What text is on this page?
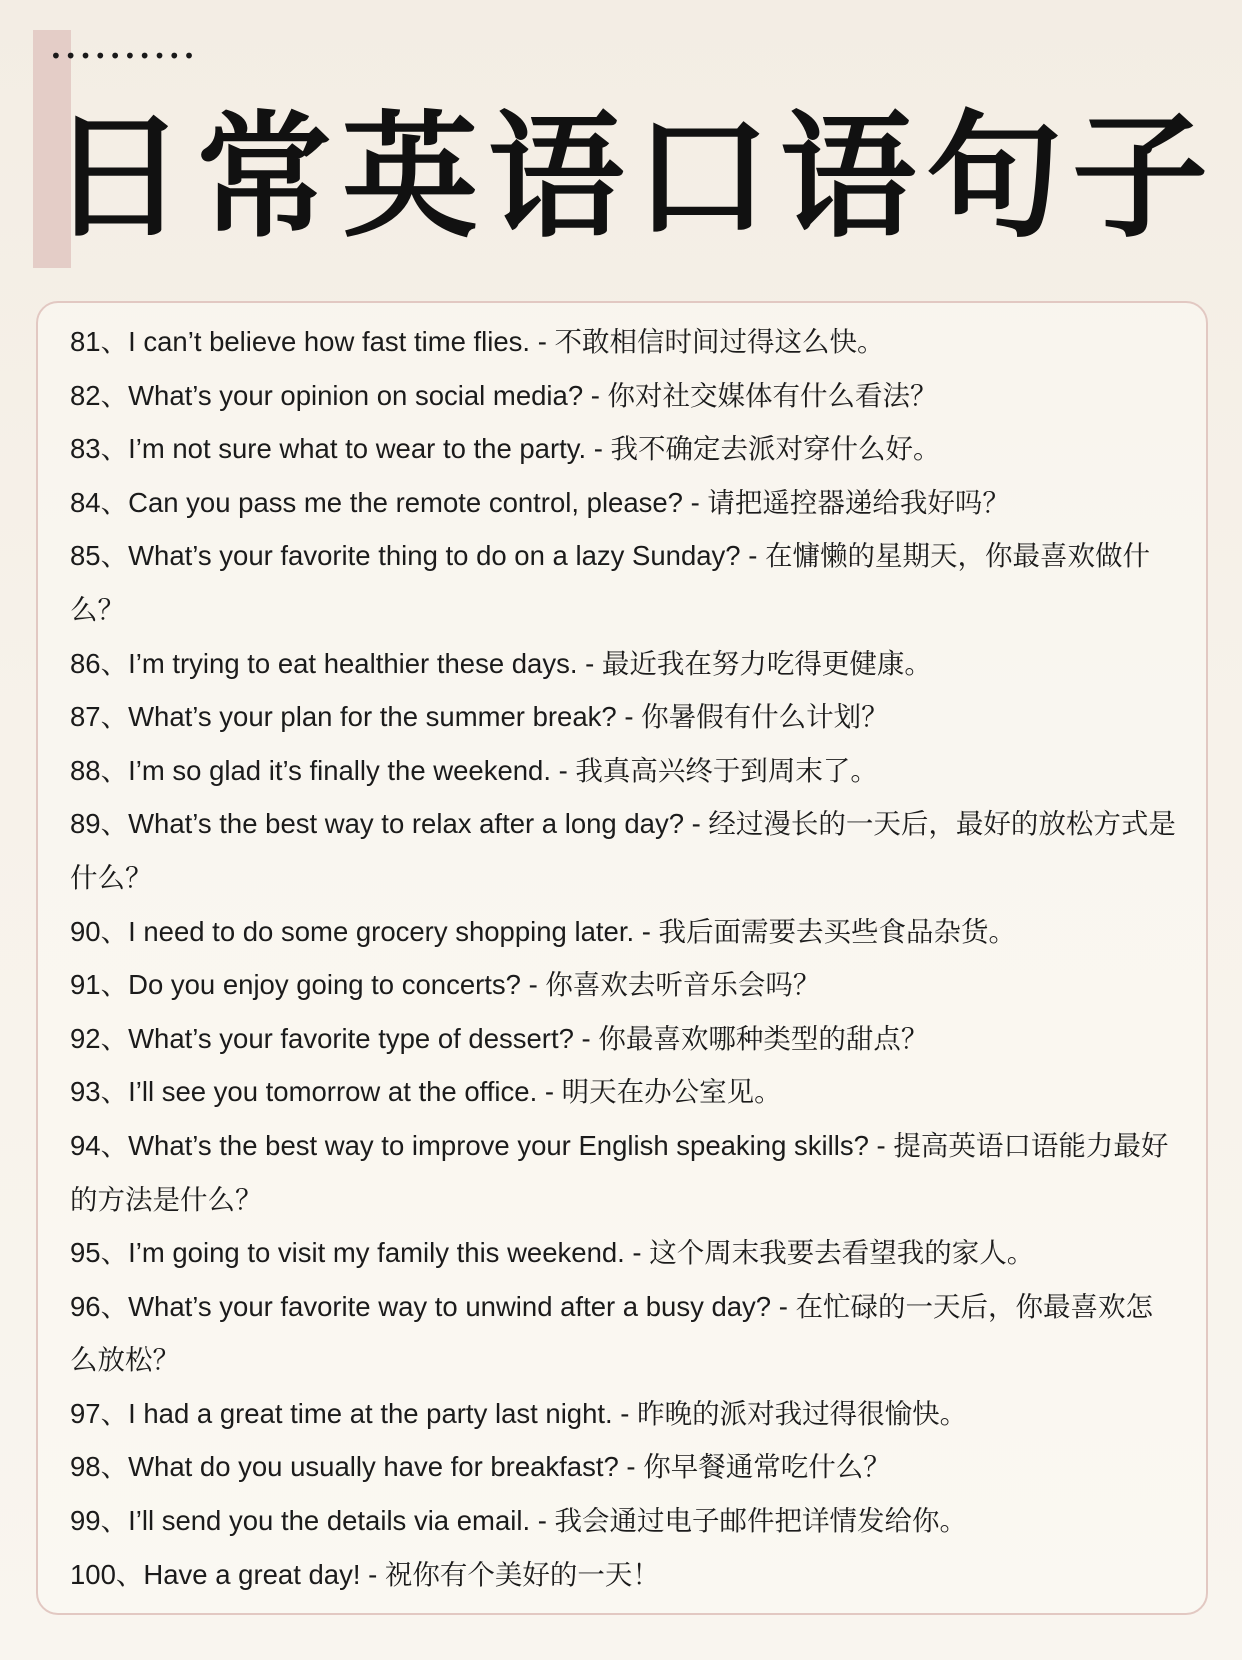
••••••••••
日常英语口语句子
81、I can’t believe how fast time flies. - 不敢相信时间过得这么快。
82、What’s your opinion on social media? - 你对社交媒体有什么看法？
83、I’m not sure what to wear to the party. - 我不确定去派对穿什么好。
84、Can you pass me the remote control, please? - 请把遥控器递给我好吗？
85、What’s your favorite thing to do on a lazy Sunday? - 在慵懒的星期天，你最喜欢做什么？
86、I’m trying to eat healthier these days. - 最近我在努力吃得更健康。
87、What’s your plan for the summer break? - 你暑假有什么计划？
88、I’m so glad it’s finally the weekend. - 我真高兴终于到周末了。
89、What’s the best way to relax after a long day? - 经过漫长的一天后，最好的放松方式是什么？
90、I need to do some grocery shopping later. - 我后面需要去买些食品杂货。
91、Do you enjoy going to concerts? - 你喜欢去听音乐会吗？
92、What’s your favorite type of dessert? - 你最喜欢哪种类型的甜点？
93、I’ll see you tomorrow at the office. - 明天在办公室见。
94、What’s the best way to improve your English speaking skills? - 提高英语口语能力最好的方法是什么？
95、I’m going to visit my family this weekend. - 这个周末我要去看望我的家人。
96、What’s your favorite way to unwind after a busy day? - 在忙碌的一天后，你最喜欢怎么放松？
97、I had a great time at the party last night. - 昨晚的派对我过得很愉快。
98、What do you usually have for breakfast? - 你早餐通常吃什么？
99、I’ll send you the details via email. - 我会通过电子邮件把详情发给你。
100、Have a great day! - 祝你有个美好的一天！
